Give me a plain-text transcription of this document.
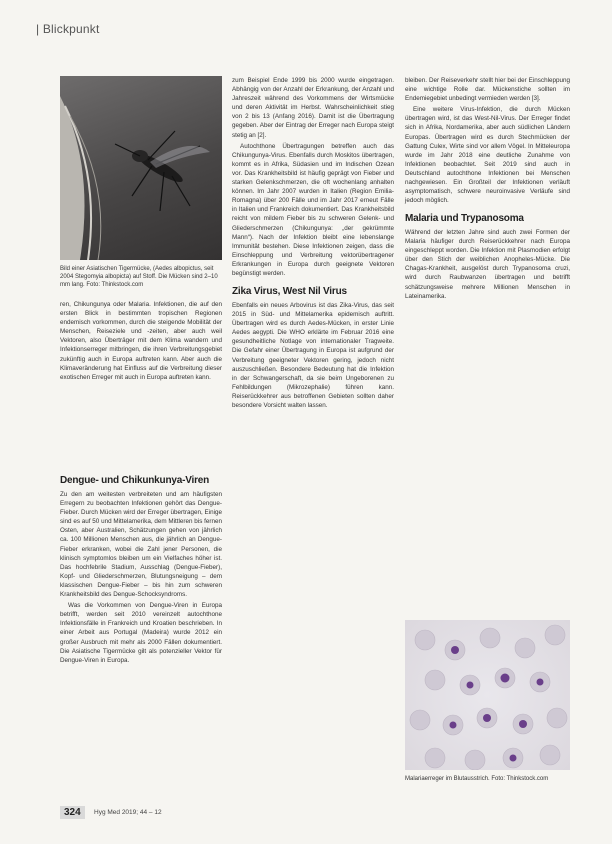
| Blickpunkt
Bild einer Asiatischen Tigermücke, (Aedes albopictus, seit 2004 Stegomyia albopicta) auf Stoff. Die Mücken sind 2–10 mm lang. Foto: Thinkstock.com

ren, Chikungunya oder Malaria. Infektionen, die auf den ersten Blick in bestimmten tropischen Regionen endemisch vorkommen, durch die steigende Mobilität der Menschen, Reiseziele und -zeiten, aber auch weil Vektoren, also Überträger mit dem Klima wandern und Infektionserreger mitbringen, die ihren Verbreitungsgebiet zukünftig auch in Europa auftreten kann. Aber auch die Klimaveränderung hat Einfluss auf die Verbreitung dieser exotischen Erreger mit auch in Europa auftreten kann.

Dengue- und Chikunkunya-Viren

Zu den am weitesten verbreiteten und am häufigsten Erregern zu beobachten Infektionen gehört das Dengue-Fieber. Durch Mücken wird der Erreger übertragen, Einige sind es auf 50 und Mittelamerika, dem Mittleren bis fernen Osten, aber Australien, Schätzungen gehen von jährlich ca. 100 Millionen Menschen aus, die jährlich an Dengue-Fieber erkranken, wobei die Zahl jener Personen, die klinisch symptomlos bleiben um ein Vielfaches höher ist. Das hochfebrile Stadium, Ausschlag (Dengue-Fieber), Kopf- und Gliederschmerzen, Blutungsneigung – dem klassischen Dengue-Fieber – bis hin zum schweren Krankheitsbild des Dengue-Schocksyndroms.

Was die Vorkommen von Dengue-Viren in Europa betrifft, werden seit 2010 vereinzelt autochthone Infektionsfälle in Frankreich und Kroatien beschrieben. In einer Arbeit aus Portugal (Madeira) wurde 2012 ein großer Ausbruch mit mehr als 2000 Fällen dokumentiert. Die Asiatische Tigermücke gilt als potenzieller Vektor für Dengue-Viren in Europa.

zum Beispiel Ende 1999 bis 2000 wurde eingetragen. Abhängig von der Anzahl der Erkrankung, der Anzahl und Jahreszeit während des Vorkommens der Wirtsmücke und deren Aktivität im Herbst. Wahrscheinlichkeit stieg von 2 bis 13 (Anfang 2016). Damit ist die Übertragung gegeben. Aber der Eintrag der Erreger nach Europa steigt stetig an [2].

Autochthone Übertragungen betreffen auch das Chikungunya-Virus. Ebenfalls durch Moskitos übertragen, kommt es in Afrika, Südasien und im Indischen Ozean vor. Das Krankheitsbild ist häufig geprägt von Fieber und starken Gelenkschmerzen, die oft wochenlang anhalten können. Im Jahr 2007 wurden in Italien (Region Emilia-Romagna) über 200 Fälle und im Jahr 2017 erneut Fälle in Italien und Frankreich dokumentiert. Das Krankheitsbild reicht von mildem Fieber bis zu schweren Gelenk- und Gliederschmerzen (Chikungunya: „der gekrümmte Mann“). Nach der Infektion bleibt eine lebenslange Immunität bestehen. Diese Infektionen zeigen, dass die Einschleppung und Verbreitung vektorübertragener Erkrankungen in Europa durch geeignete Vektoren begünstigt werden.

Zika Virus, West Nil Virus

Ebenfalls ein neues Arbovirus ist das Zika-Virus, das seit 2015 in Süd- und Mittelamerika epidemisch auftritt. Übertragen wird es durch Aedes-Mücken, in erster Linie Aedes aegypti. Die WHO erklärte im Februar 2016 eine gesundheitliche Notlage von internationaler Tragweite. Die Gefahr einer Übertragung in Europa ist aufgrund der Verbreitung geeigneter Vektoren gering, jedoch nicht auszuschließen. Besondere Bedeutung hat die Infektion in der Schwangerschaft, da sie beim Ungeborenen zu Fehlbildungen (Mikrozephalie) führen kann. Reiserückkehrer aus betroffenen Gebieten sollten daher besondere Vorsicht walten lassen.

bleiben. Der Reiseverkehr stellt hier bei der Einschleppung eine wichtige Rolle dar. Mückenstiche sollten im Endemiegebiet unbedingt vermieden werden [3].

Eine weitere Virus-Infektion, die durch Mücken übertragen wird, ist das West-Nil-Virus. Der Erreger findet sich in Afrika, Nordamerika, aber auch südlichen Ländern Europas. Übertragen wird es durch Stechmücken der Gattung Culex, Wirte sind vor allem Vögel. In Mitteleuropa wurde im Jahr 2018 eine deutliche Zunahme von Infektionen beobachtet. Seit 2019 sind auch in Deutschland autochthone Infektionen bei Menschen nachgewiesen. Ein Großteil der Infektionen verläuft asymptomatisch, schwere neuroinvasive Verläufe sind jedoch möglich.

Malaria und Trypanosoma

Während der letzten Jahre sind auch zwei Formen der Malaria häufiger durch Reiserückkehrer nach Europa eingeschleppt worden. Die Infektion mit Plasmodien erfolgt über den Stich der weiblichen Anopheles-Mücke. Die Chagas-Krankheit, ausgelöst durch Trypanosoma cruzi, wird durch Raubwanzen übertragen und betrifft schätzungsweise mehrere Millionen Menschen in Lateinamerika.

Malariaerreger im Blutausstrich. Foto: Thinkstock.com
324	Hyg Med 2019; 44 – 12
